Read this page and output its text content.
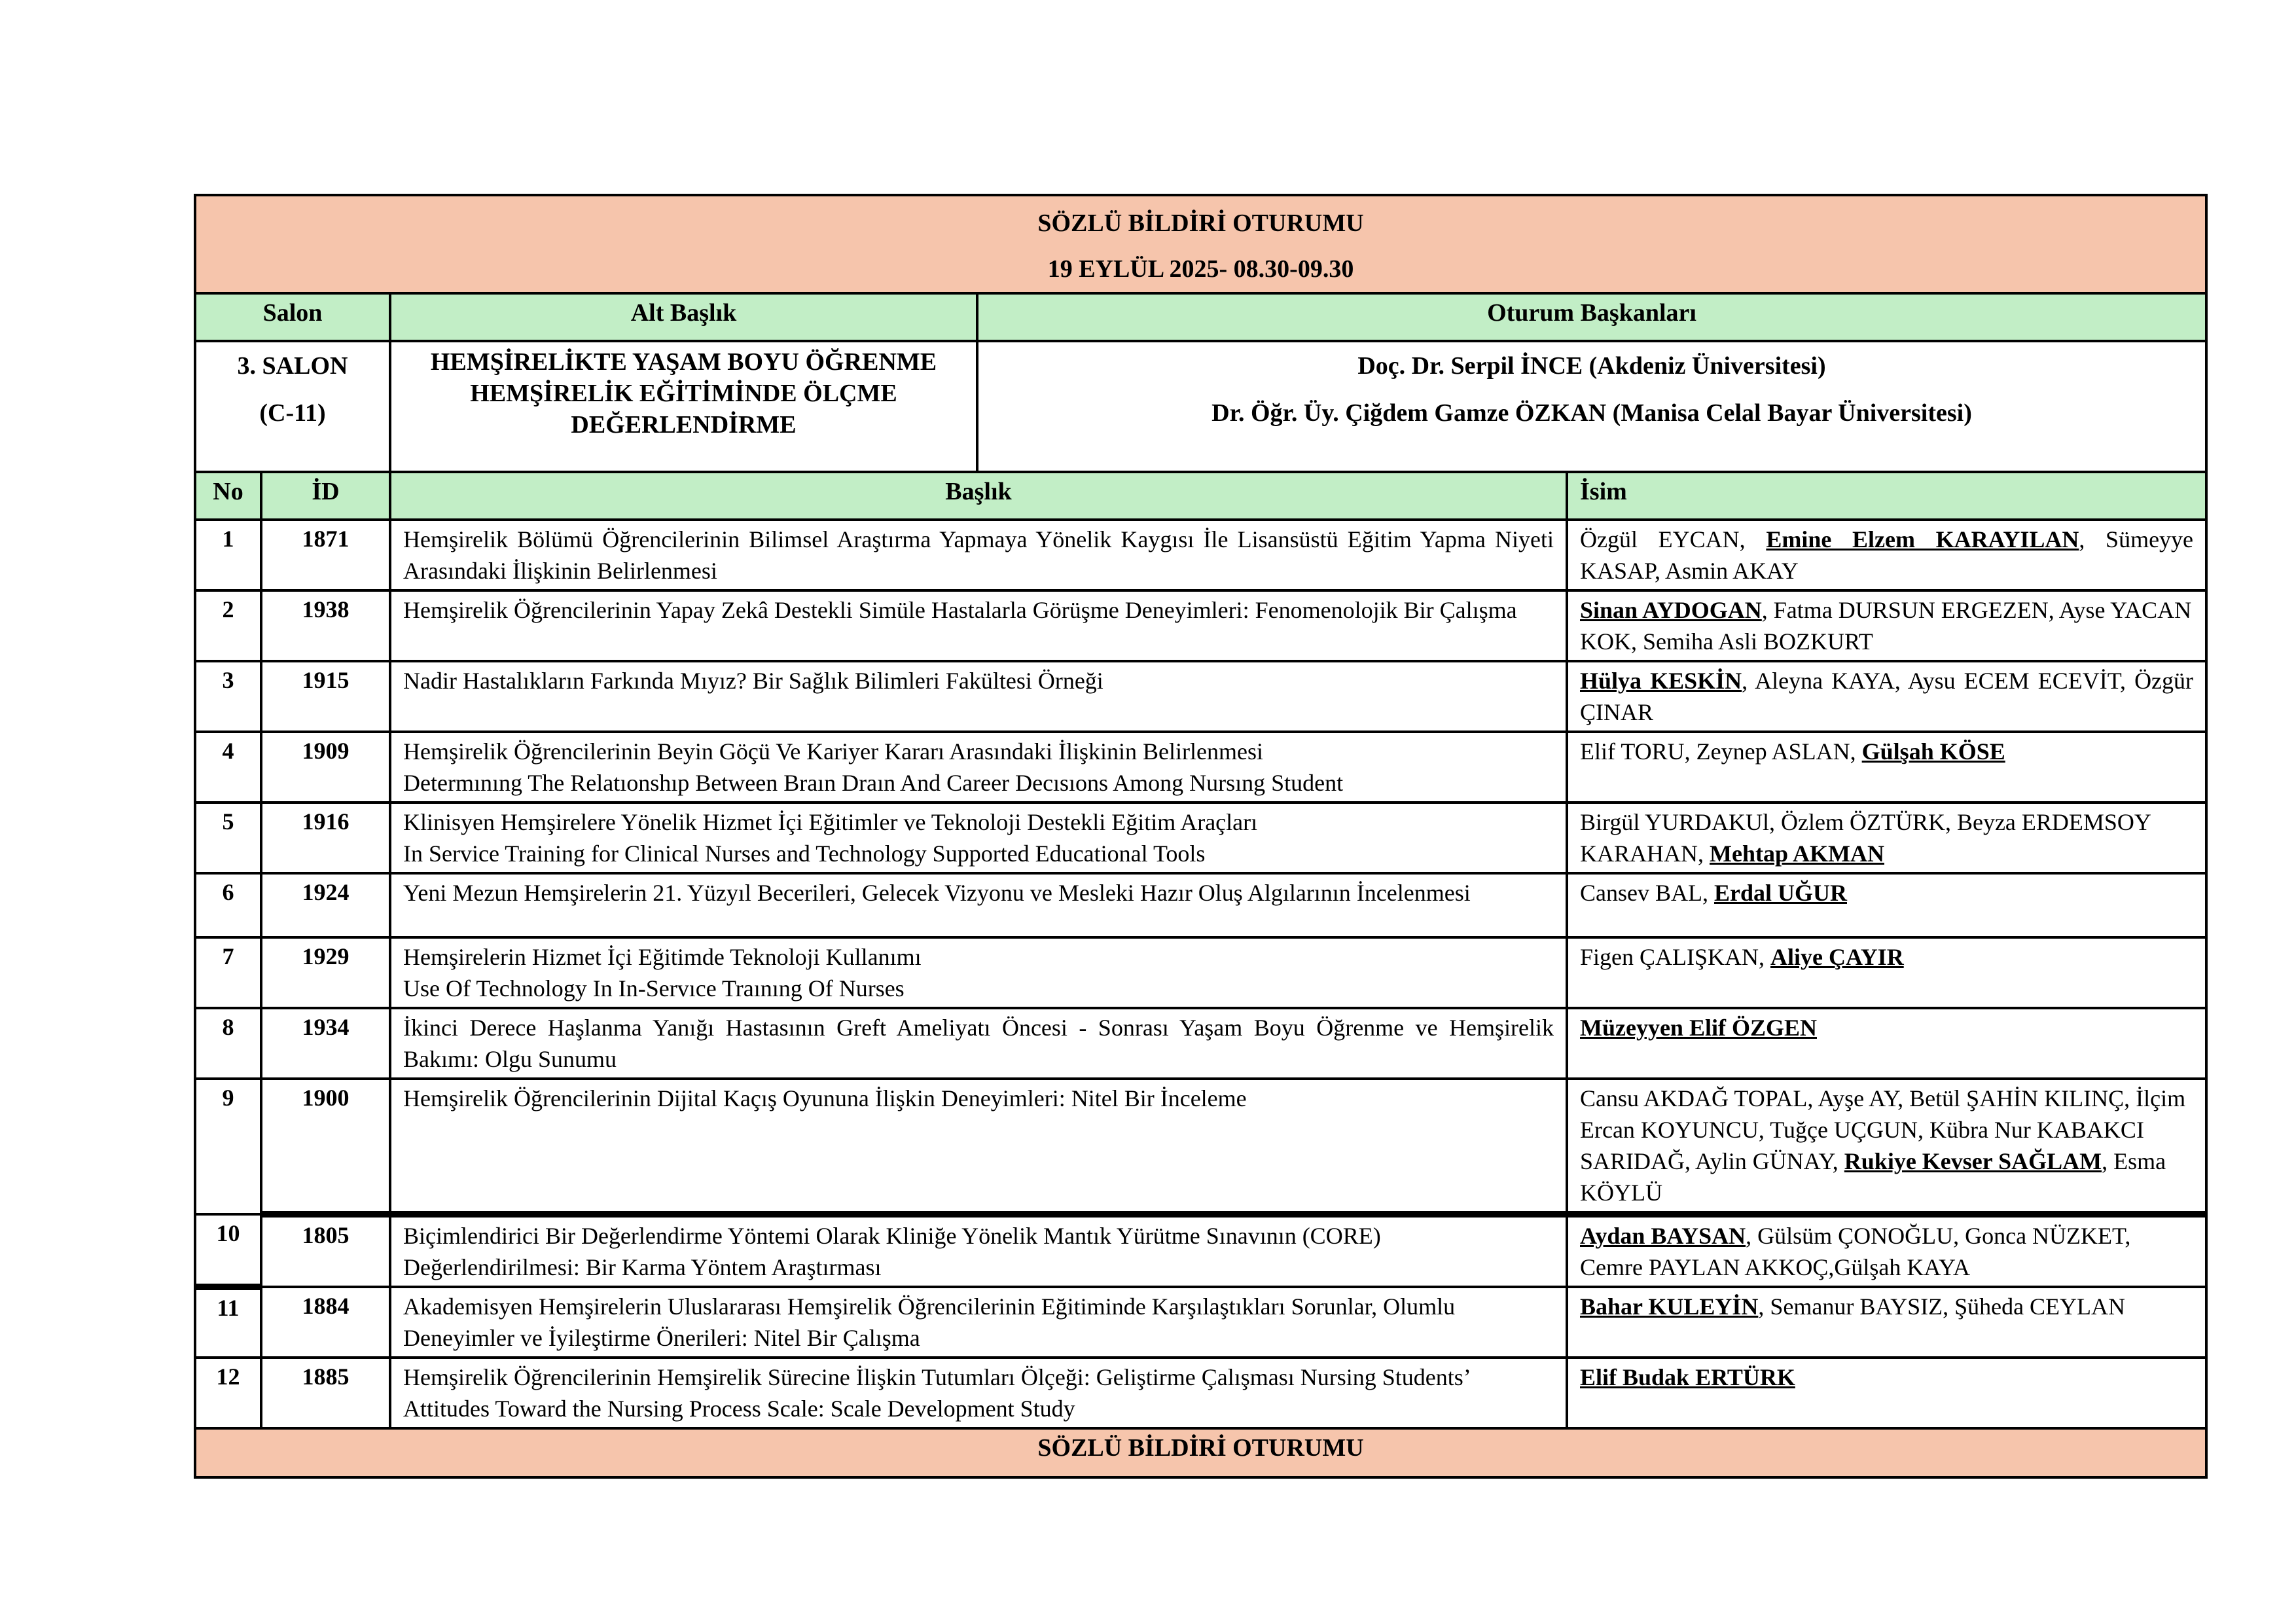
SÖZLÜ BİLDİRİ OTURUMU
19 EYLÜL 2025- 08.30-09.30				

Salon		Alt Başlık	Oturum Başkanları	

3. SALON
(C-11)		HEMŞİRELİKTE YAŞAM BOYU ÖĞRENME HEMŞİRELİK EĞİTİMİNDE ÖLÇME DEĞERLENDİRME	Doç. Dr. Serpil İNCE (Akdeniz Üniversitesi)
Dr. Öğr. Üy. Çiğdem Gamze ÖZKAN (Manisa Celal Bayar Üniversitesi)	

No	İD	Başlık		İsim
1	1871	Hemşirelik Bölümü Öğrencilerinin Bilimsel Araştırma Yapmaya Yönelik Kaygısı İle Lisansüstü Eğitim Yapma Niyeti Arasındaki İlişkinin Belirlenmesi		Özgül EYCAN, Emine Elzem KARAYILAN, Sümeyye KASAP, Asmin AKAY
2	1938	Hemşirelik Öğrencilerinin Yapay Zekâ Destekli Simüle Hastalarla Görüşme Deneyimleri: Fenomenolojik Bir Çalışma		Sinan AYDOGAN, Fatma DURSUN ERGEZEN, Ayse YACAN KOK, Semiha Asli BOZKURT
3	1915	Nadir Hastalıkların Farkında Mıyız? Bir Sağlık Bilimleri Fakültesi Örneği		Hülya KESKİN, Aleyna KAYA, Aysu ECEM ECEVİT, Özgür ÇINAR
4	1909	Hemşirelik Öğrencilerinin Beyin Göçü Ve Kariyer Kararı Arasındaki İlişkinin Belirlenmesi
Determınıng The Relatıonshıp Between Braın Draın And Career Decısıons Among Nursıng Student		Elif TORU, Zeynep ASLAN, Gülşah KÖSE
5	1916	Klinisyen Hemşirelere Yönelik Hizmet İçi Eğitimler ve Teknoloji Destekli Eğitim Araçları
In Service Training for Clinical Nurses and Technology Supported Educational Tools		Birgül YURDAKUl, Özlem ÖZTÜRK, Beyza ERDEMSOY KARAHAN, Mehtap AKMAN
6	1924	Yeni Mezun Hemşirelerin 21. Yüzyıl Becerileri, Gelecek Vizyonu ve Mesleki Hazır Oluş Algılarının İncelenmesi		Cansev BAL, Erdal UĞUR
7	1929	Hemşirelerin Hizmet İçi Eğitimde Teknoloji Kullanımı
Use Of Technology In In-Servıce Traınıng Of Nurses		Figen ÇALIŞKAN, Aliye ÇAYIR
8	1934	İkinci Derece Haşlanma Yanığı Hastasının Greft Ameliyatı Öncesi - Sonrası Yaşam Boyu Öğrenme ve Hemşirelik Bakımı: Olgu Sunumu		Müzeyyen Elif ÖZGEN
9	1900	Hemşirelik Öğrencilerinin Dijital Kaçış Oyununa İlişkin Deneyimleri: Nitel Bir İnceleme		Cansu AKDAĞ TOPAL, Ayşe AY, Betül ŞAHİN KILINÇ, İlçim Ercan KOYUNCU, Tuğçe UÇGUN, Kübra Nur KABAKCI SARIDAĞ, Aylin GÜNAY, Rukiye Kevser SAĞLAM, Esma KÖYLÜ
10	1805	Biçimlendirici Bir Değerlendirme Yöntemi Olarak Kliniğe Yönelik Mantık Yürütme Sınavının (CORE) Değerlendirilmesi: Bir Karma Yöntem Araştırması		Aydan BAYSAN, Gülsüm ÇONOĞLU, Gonca NÜZKET, Cemre PAYLAN AKKOÇ,Gülşah KAYA
11	1884	Akademisyen Hemşirelerin Uluslararası Hemşirelik Öğrencilerinin Eğitiminde Karşılaştıkları Sorunlar, Olumlu Deneyimler ve İyileştirme Önerileri: Nitel Bir Çalışma		Bahar KULEYİN, Semanur BAYSIZ, Şüheda CEYLAN
12	1885	Hemşirelik Öğrencilerinin Hemşirelik Sürecine İlişkin Tutumları Ölçeği: Geliştirme Çalışması Nursing Students’ Attitudes Toward the Nursing Process Scale: Scale Development Study		Elif Budak ERTÜRK
SÖZLÜ BİLDİRİ OTURUMU				
